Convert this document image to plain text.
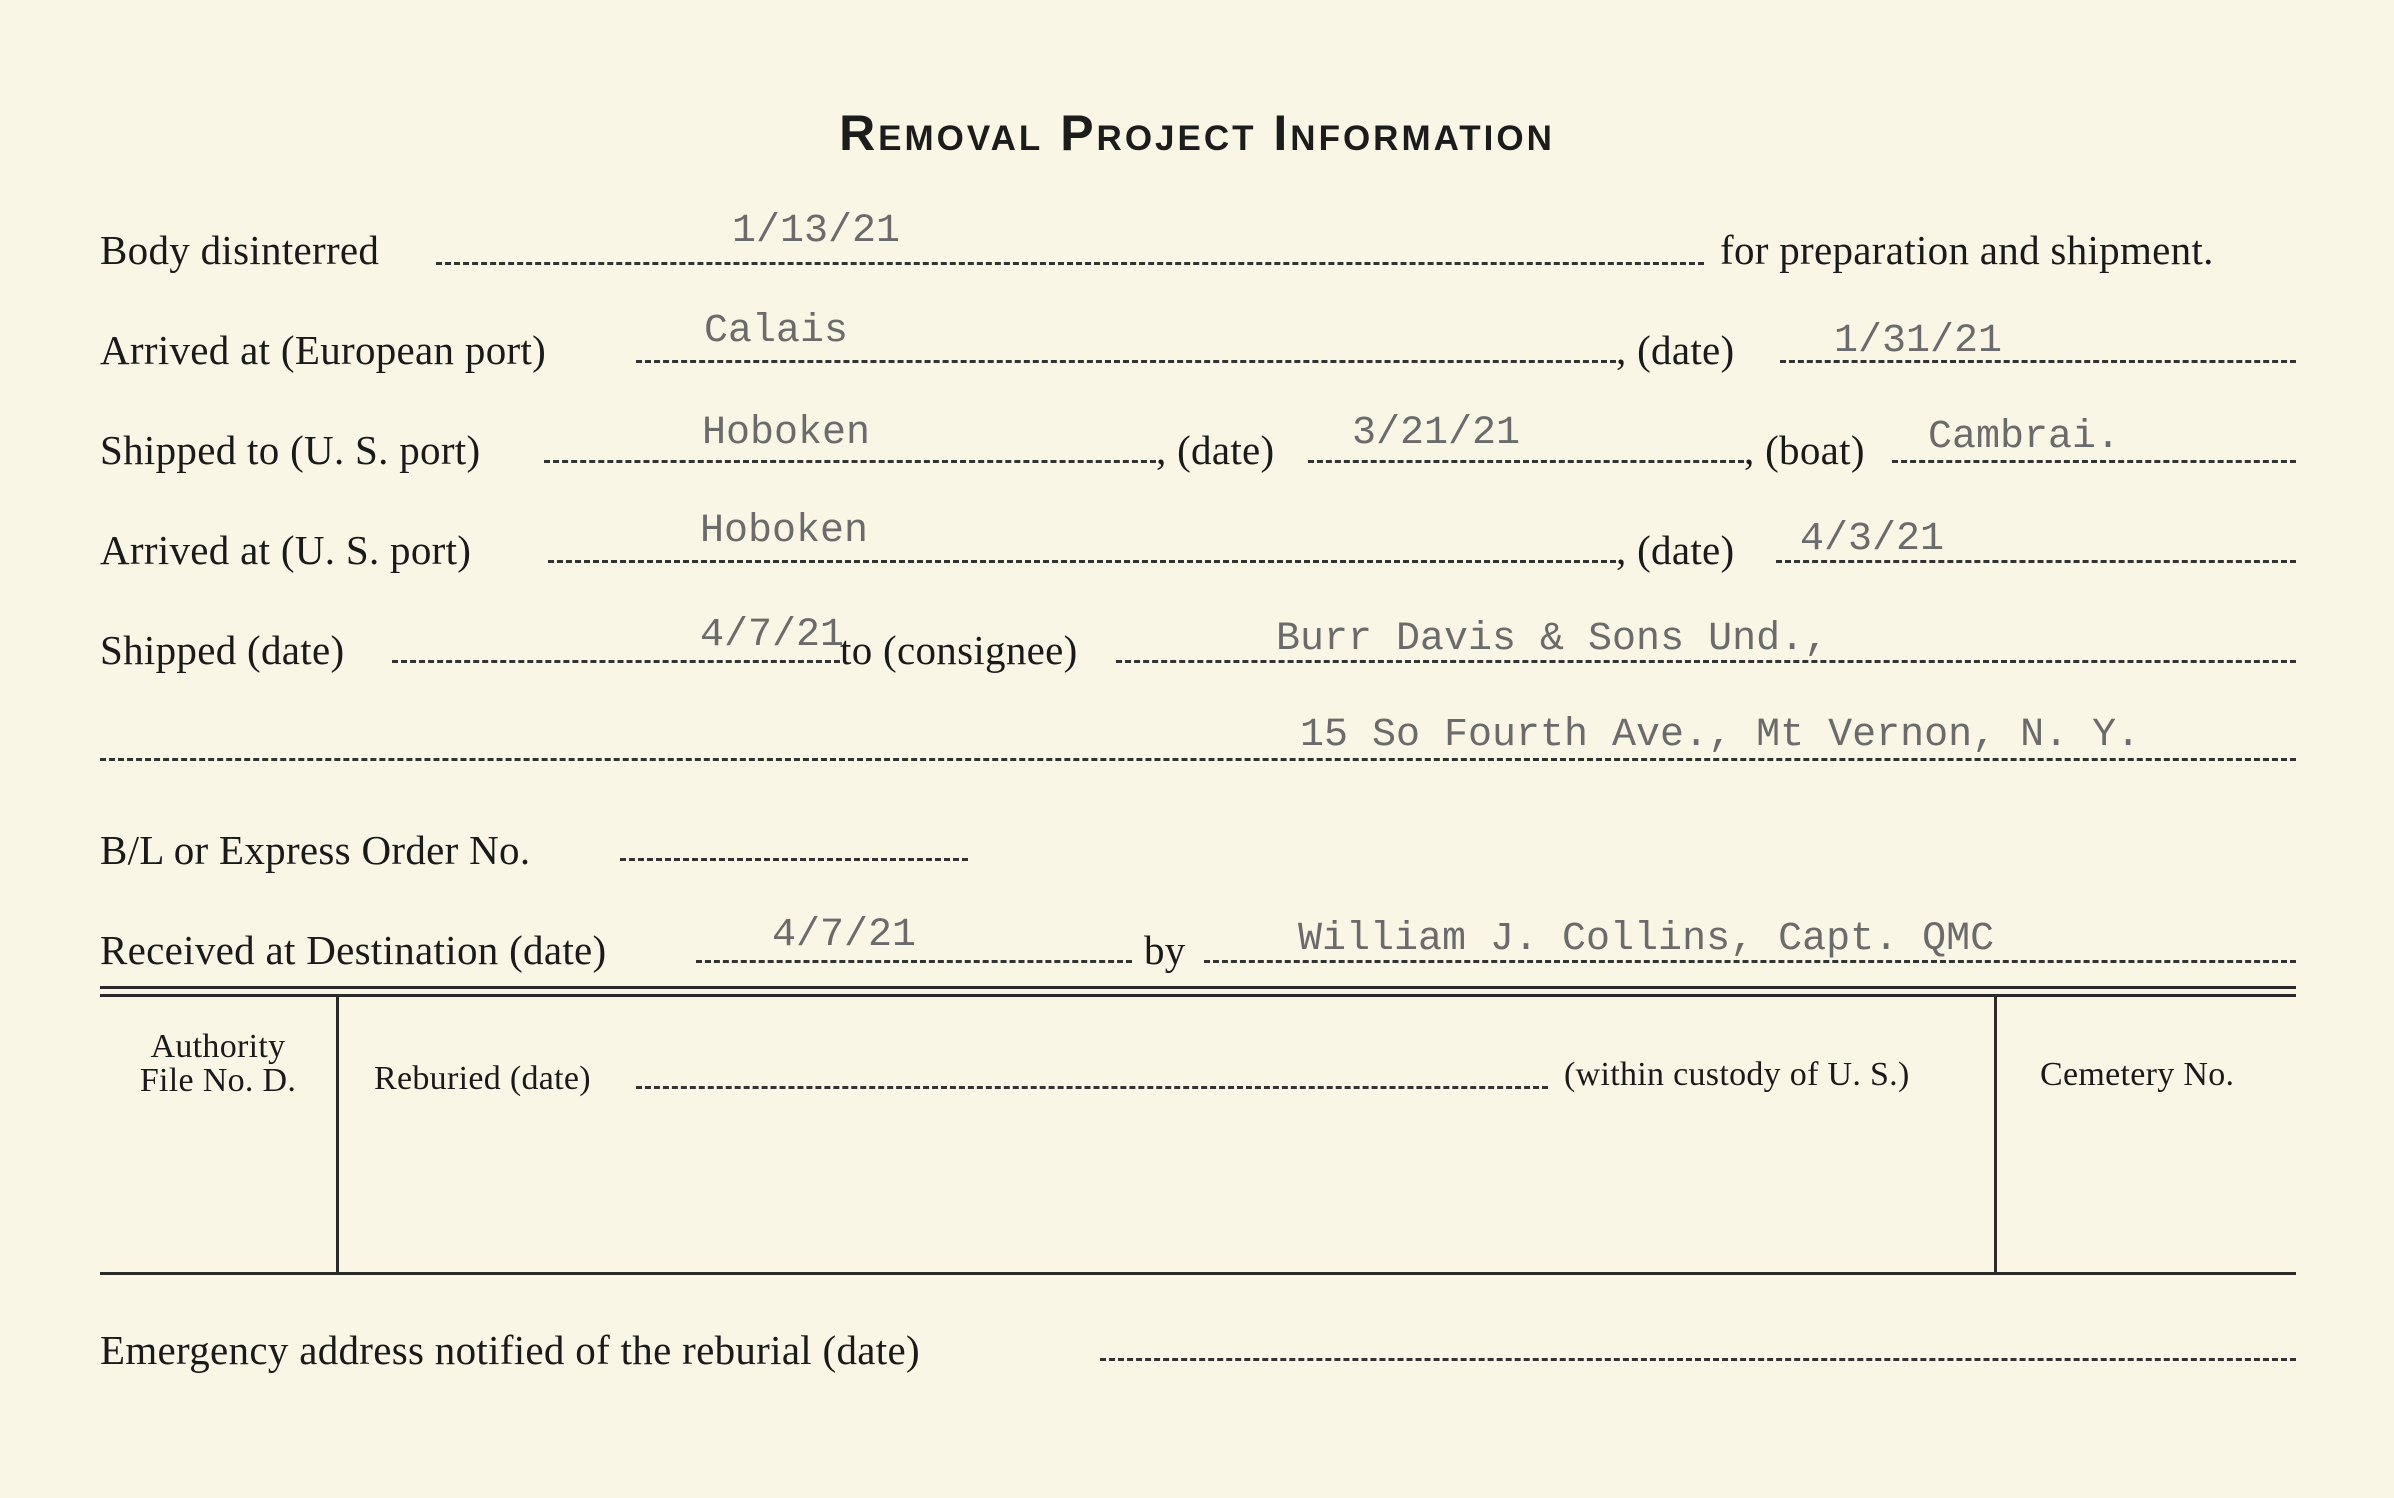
Removal Project Information
Body disinterred	1/13/21	for preparation and shipment.
Arrived at (European port)	Calais	, (date) 1/31/21
Shipped to (U. S. port)	Hoboken	, (date) 3/21/21	, (boat) Cambrai.
Arrived at (U. S. port)	Hoboken	, (date) 4/3/21
Shipped (date)	4/7/21
to (consignee)	Burr Davis & Sons Und.,
15 So Fourth Ave., Mt Vernon, N. Y.
B/L or Express Order No.
Received at Destination (date)	4/7/21	by	William J. Collins, Capt. QMC
Authority
File No. D.	Reburied (date)	(within custody of U. S.)	Cemetery No.
Emergency address notified of the reburial (date)
